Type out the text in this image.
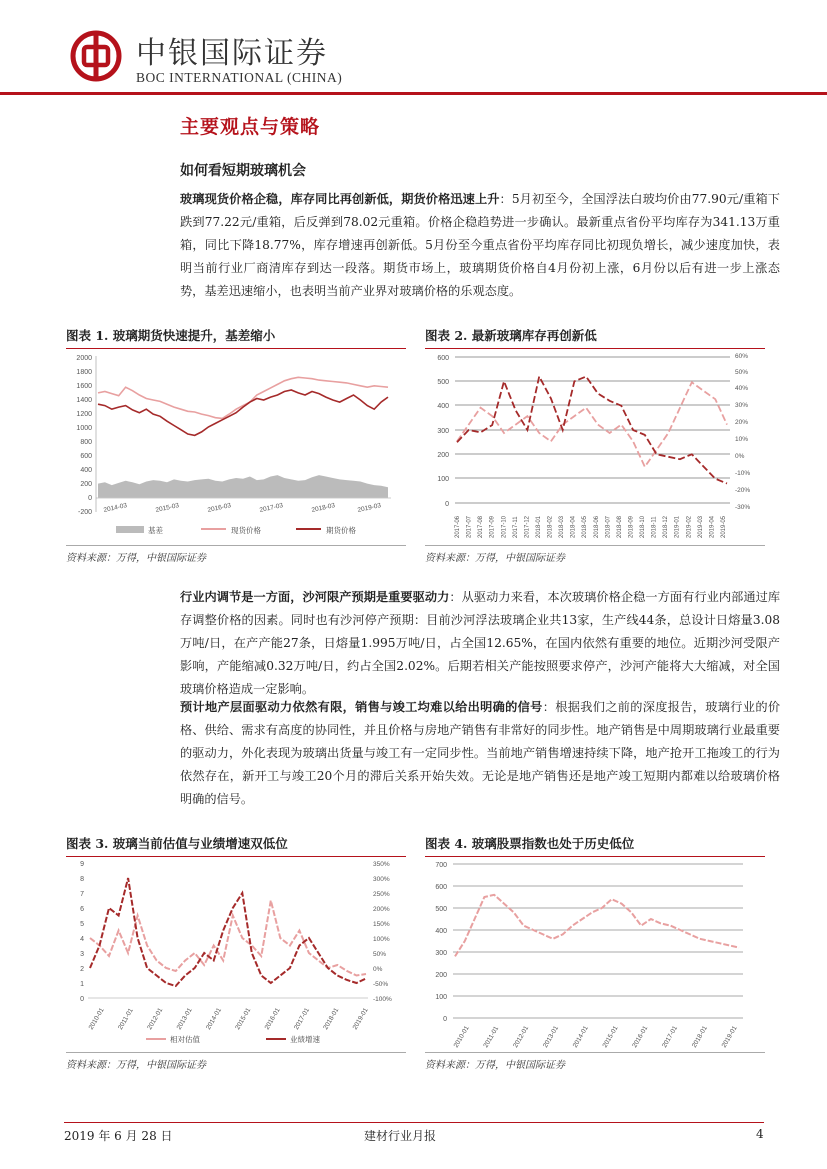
中银国际证券
BOC INTERNATIONAL (CHINA)
主要观点与策略
如何看短期玻璃机会
玻璃现货价格企稳，库存同比再创新低，期货价格迅速上升：5月初至今，全国浮法白玻均价由77.90元/重箱下跌到77.22元/重箱，后反弹到78.02元重箱。价格企稳趋势进一步确认。最新重点省份平均库存为341.13万重箱，同比下降18.77%，库存增速再创新低。5月份至今重点省份平均库存同比初现负增长，减少速度加快，表明当前行业厂商清库存到达一段落。期货市场上，玻璃期货价格自4月份初上涨，6月份以后有进一步上涨态势，基差迅速缩小，也表明当前产业界对玻璃价格的乐观态度。
图表 1. 玻璃期货快速提升，基差缩小
2000
1800
1600
1400
1200
1000
800
600
400
200
0
-200 2014-03	2015-03	2016-03	2017-03	2018-03	2019-03
基差	现货价格	期货价格
资料来源：万得，中银国际证券
图表 2. 最新玻璃库存再创新低
600
500
400
300
200
100
0
60%
50%
40%
30%
20%
10%
0%
-10%
-20%
-30%
2017-06 2017-07 2017-08 2017-09 2017-10 2017-11 2017-12 2018-01 2018-02 2018-03 2018-04 2018-05 2018-06 2018-07 2018-08 2018-09 2018-10 2018-11 2018-12 2019-01 2019-02 2019-03 2019-04 2019-05
资料来源：万得，中银国际证券
行业内调节是一方面，沙河限产预期是重要驱动力：从驱动力来看，本次玻璃价格企稳一方面有行业内部通过库存调整价格的因素。同时也有沙河停产预期：目前沙河浮法玻璃企业共13家，生产线44条，总设计日熔量3.08万吨/日，在产产能27条，日熔量1.995万吨/日，占全国12.65%，在国内依然有重要的地位。近期沙河受限产影响，产能缩减0.32万吨/日，约占全国2.02%。后期若相关产能按照要求停产，沙河产能将大大缩减，对全国玻璃价格造成一定影响。
预计地产层面驱动力依然有限，销售与竣工均难以给出明确的信号：根据我们之前的深度报告，玻璃行业的价格、供给、需求有高度的协同性，并且价格与房地产销售有非常好的同步性。地产销售是中周期玻璃行业最重要的驱动力，外化表现为玻璃出货量与竣工有一定同步性。当前地产销售增速持续下降，地产抢开工拖竣工的行为依然存在，新开工与竣工20个月的滞后关系开始失效。无论是地产销售还是地产竣工短期内都难以给玻璃价格明确的信号。
图表 3. 玻璃当前估值与业绩增速双低位
9
8
7
6
5
4
3
2
1
0
350%
300%
250%
200%
150%
100%
50%
0%
-50%
-100%
2010-01 2011-01 2012-01 2013-01 2014-01 2015-01 2016-01 2017-01 2018-01 2019-01
相对估值	业绩增速
资料来源：万得，中银国际证券
图表 4. 玻璃股票指数也处于历史低位
700
600
500
400
300
200
100
0
2010-01 2011-01 2012-01 2013-01 2014-01 2015-01 2016-01 2017-01 2018-01 2019-01
资料来源：万得，中银国际证券
2019 年 6 月 28 日	建材行业月报	4
